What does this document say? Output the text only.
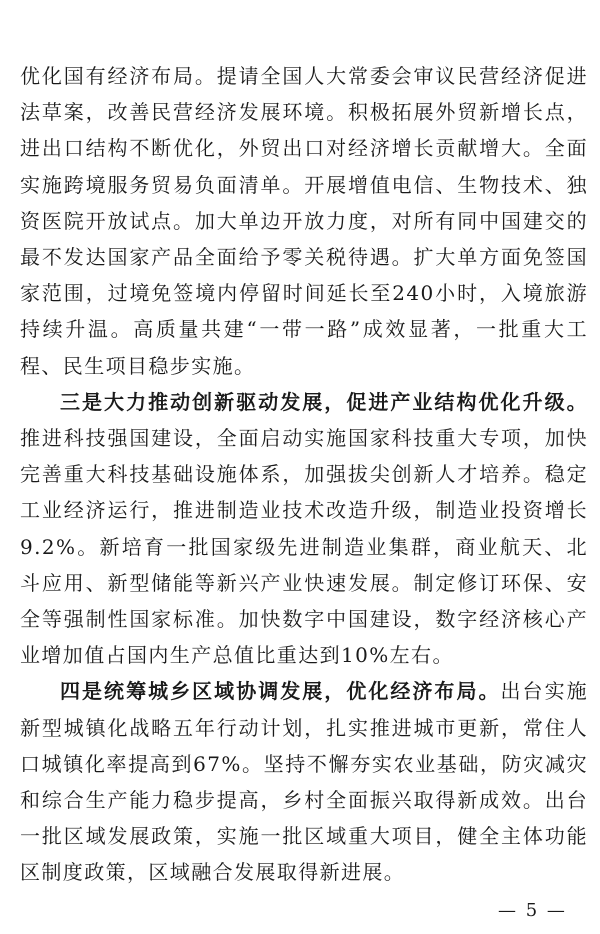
优化国有经济布局。提请全国人大常委会审议民营经济促进法草案，改善民营经济发展环境。积极拓展外贸新增长点，进出口结构不断优化，外贸出口对经济增长贡献增大。全面实施跨境服务贸易负面清单。开展增值电信、生物技术、独资医院开放试点。加大单边开放力度，对所有同中国建交的最不发达国家产品全面给予零关税待遇。扩大单方面免签国家范围，过境免签境内停留时间延长至240小时，入境旅游持续升温。高质量共建“一带一路”成效显著，一批重大工程、民生项目稳步实施。

三是大力推动创新驱动发展，促进产业结构优化升级。推进科技强国建设，全面启动实施国家科技重大专项，加快完善重大科技基础设施体系，加强拔尖创新人才培养。稳定工业经济运行，推进制造业技术改造升级，制造业投资增长9.2%。新培育一批国家级先进制造业集群，商业航天、北斗应用、新型储能等新兴产业快速发展。制定修订环保、安全等强制性国家标准。加快数字中国建设，数字经济核心产业增加值占国内生产总值比重达到10%左右。

四是统筹城乡区域协调发展，优化经济布局。出台实施新型城镇化战略五年行动计划，扎实推进城市更新，常住人口城镇化率提高到67%。坚持不懈夯实农业基础，防灾减灾和综合生产能力稳步提高，乡村全面振兴取得新成效。出台一批区域发展政策，实施一批区域重大项目，健全主体功能区制度政策，区域融合发展取得新进展。

— 5 —
